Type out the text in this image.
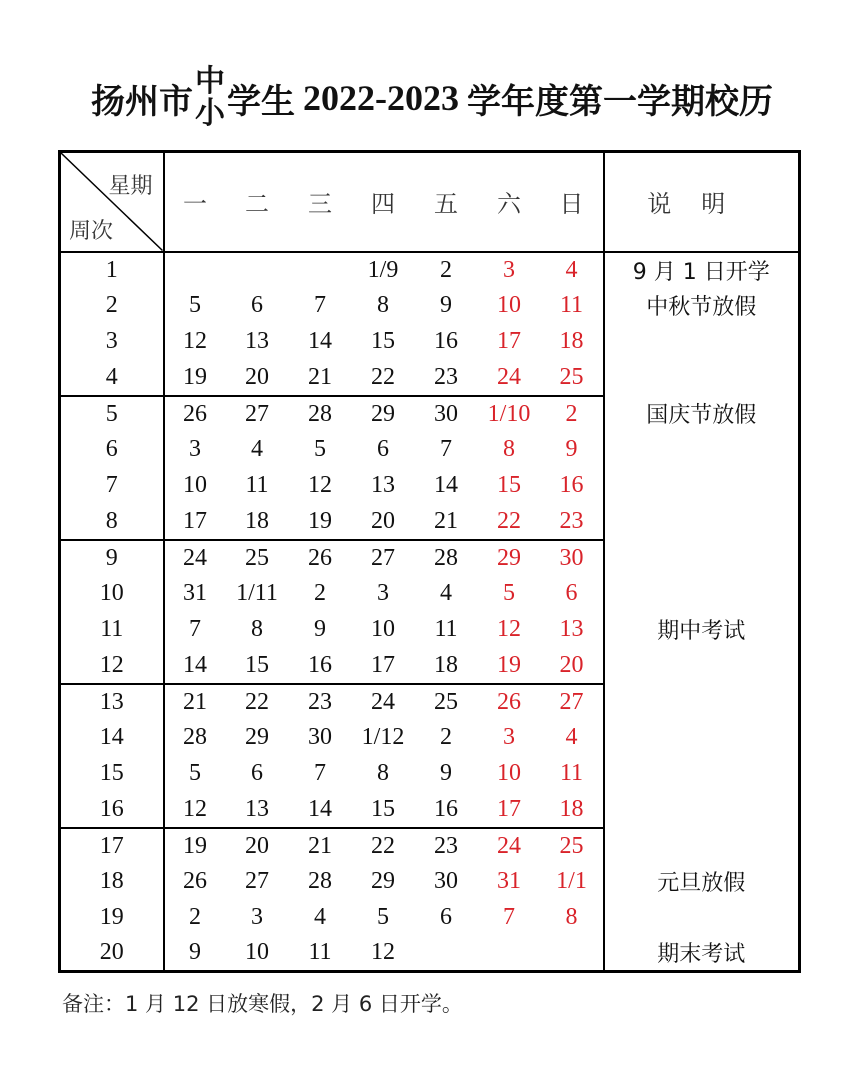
扬州市 中
小 学生 2022-2023 学年度第一学期校历
星期
周次	一	二	三	四	五	六	日	说明
1				1/9	2	3	4	9 月 1 日开学
2	5	6	7	8	9	10	11	中秋节放假
3	12	13	14	15	16	17	18	
4	19	20	21	22	23	24	25	
5	26	27	28	29	30	1/10	2	国庆节放假
6	3	4	5	6	7	8	9	
7	10	11	12	13	14	15	16	
8	17	18	19	20	21	22	23	
9	24	25	26	27	28	29	30	
10	31	1/11	2	3	4	5	6	
11	7	8	9	10	11	12	13	期中考试
12	14	15	16	17	18	19	20	
13	21	22	23	24	25	26	27	
14	28	29	30	1/12	2	3	4	
15	5	6	7	8	9	10	11	
16	12	13	14	15	16	17	18	
17	19	20	21	22	23	24	25	
18	26	27	28	29	30	31	1/1	元旦放假
19	2	3	4	5	6	7	8	
20	9	10	11	12				期末考试
备注：1 月 12 日放寒假，2 月 6 日开学。
